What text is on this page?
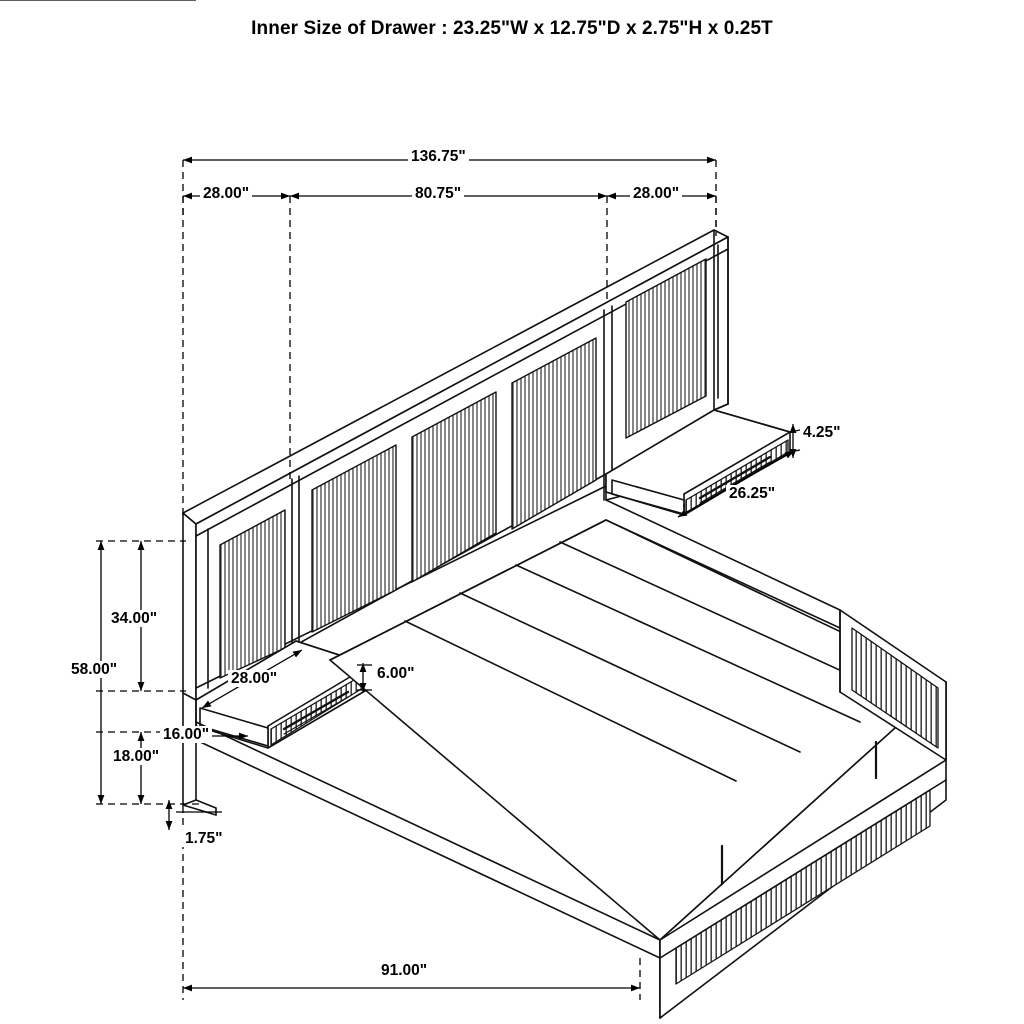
Inner Size of Drawer : 23.25"W x 12.75"D x 2.75"H x 0.25T
136.75"
28.00"	80.75"	28.00"
4.25"
26.25"
34.00"
58.00"
28.00"	6.00"
16.00"
18.00"
1.75"
91.00"
